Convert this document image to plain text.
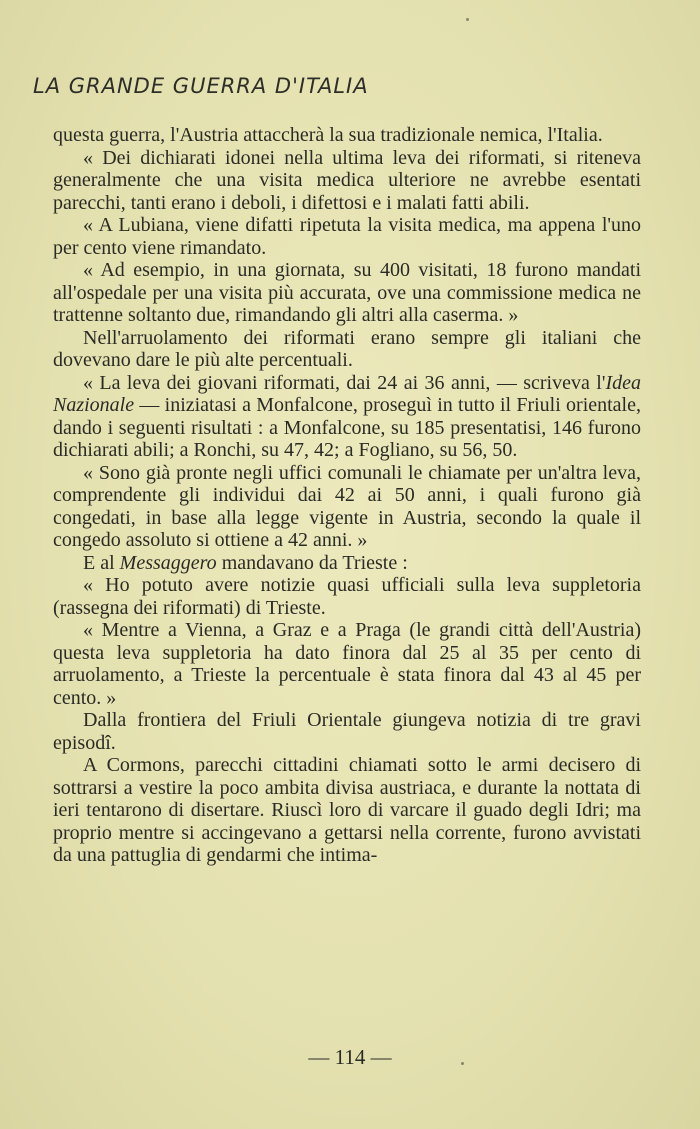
LA GRANDE GUERRA D'ITALIA

questa guerra, l'Austria attaccherà la sua tradizionale nemica, l'Italia.

« Dei dichiarati idonei nella ultima leva dei riformati, si riteneva generalmente che una visita medica ulteriore ne avrebbe esentati parecchi, tanti erano i deboli, i difettosi e i malati fatti abili.

« A Lubiana, viene difatti ripetuta la visita medica, ma appena l'uno per cento viene rimandato.

« Ad esempio, in una giornata, su 400 visitati, 18 furono mandati all'ospedale per una visita più accurata, ove una commissione medica ne trattenne soltanto due, rimandando gli altri alla caserma. »

Nell'arruolamento dei riformati erano sempre gli italiani che dovevano dare le più alte percentuali.

« La leva dei giovani riformati, dai 24 ai 36 anni, — scriveva l'Idea Nazionale — iniziatasi a Monfalcone, proseguì in tutto il Friuli orientale, dando i seguenti risultati : a Monfalcone, su 185 presentatisi, 146 furono dichiarati abili; a Ronchi, su 47, 42; a Fogliano, su 56, 50.

« Sono già pronte negli uffici comunali le chiamate per un'altra leva, comprendente gli individui dai 42 ai 50 anni, i quali furono già congedati, in base alla legge vigente in Austria, secondo la quale il congedo assoluto si ottiene a 42 anni. »

E al Messaggero mandavano da Trieste :

« Ho potuto avere notizie quasi ufficiali sulla leva suppletoria (rassegna dei riformati) di Trieste.

« Mentre a Vienna, a Graz e a Praga (le grandi città dell'Austria) questa leva suppletoria ha dato finora dal 25 al 35 per cento di arruolamento, a Trieste la percentuale è stata finora dal 43 al 45 per cento. »

Dalla frontiera del Friuli Orientale giungeva notizia di tre gravi episodî.

A Cormons, parecchi cittadini chiamati sotto le armi decisero di sottrarsi a vestire la poco ambita divisa austriaca, e durante la nottata di ieri tentarono di disertare. Riuscì loro di varcare il guado degli Idri; ma proprio mentre si accingevano a gettarsi nella corrente, furono avvistati da una pattuglia di gendarmi che intima-

— 114 —
